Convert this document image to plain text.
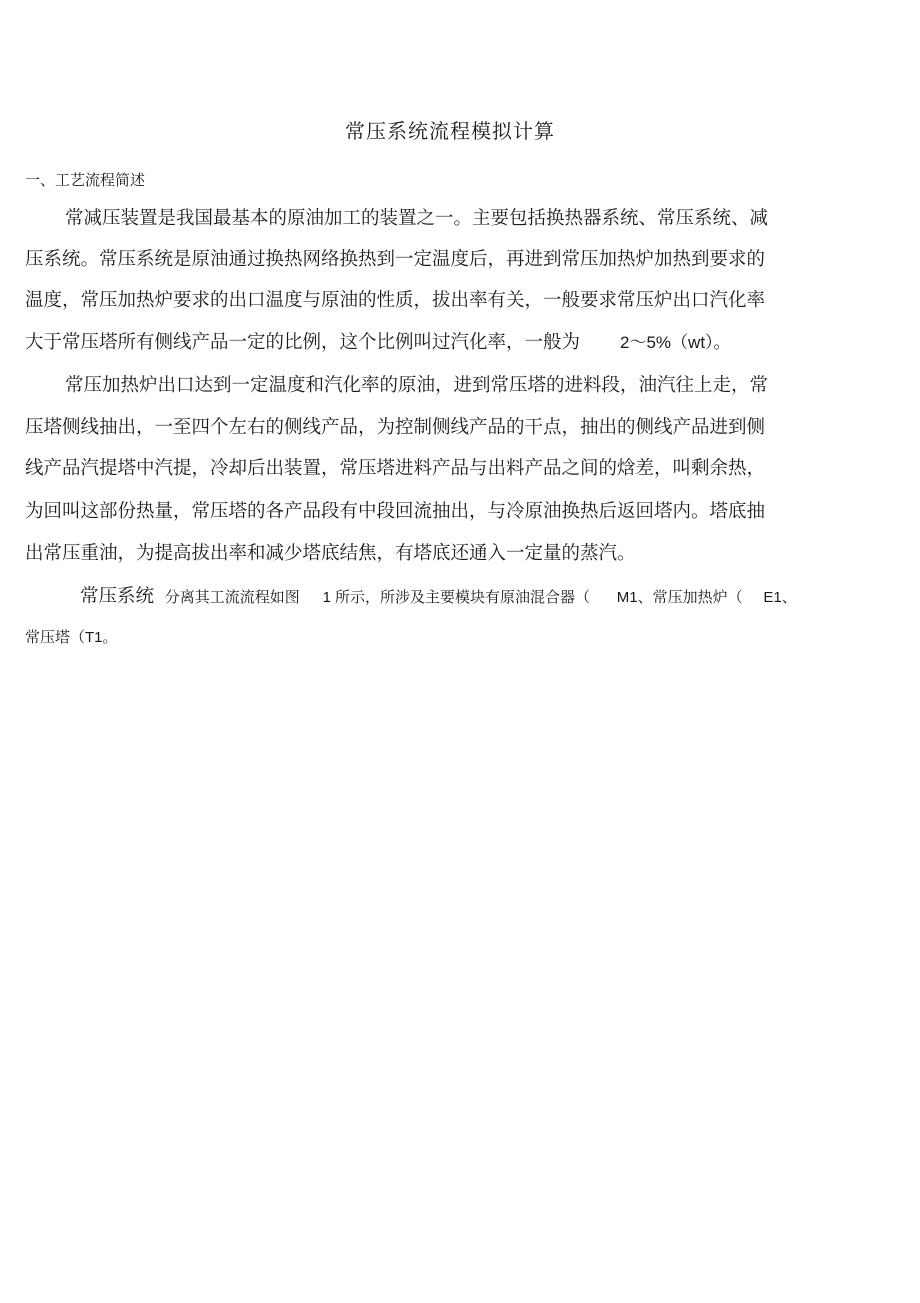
常压系统流程模拟计算
一、工艺流程简述
常减压装置是我国最基本的原油加工的装置之一。主要包括换热器系统、常压系统、减
压系统。常压系统是原油通过换热网络换热到一定温度后，再进到常压加热炉加热到要求的
温度，常压加热炉要求的出口温度与原油的性质，拔出率有关，一般要求常压炉出口汽化率
大于常压塔所有侧线产品一定的比例，这个比例叫过汽化率，一般为 2～5%（wt）。
常压加热炉出口达到一定温度和汽化率的原油，进到常压塔的进料段，油汽往上走，常
压塔侧线抽出，一至四个左右的侧线产品，为控制侧线产品的干点，抽出的侧线产品进到侧
线产品汽提塔中汽提，冷却后出装置，常压塔进料产品与出料产品之间的焓差，叫剩余热，
为回叫这部份热量，常压塔的各产品段有中段回流抽出，与冷原油换热后返回塔内。塔底抽
出常压重油，为提高拔出率和减少塔底结焦，有塔底还通入一定量的蒸汽。
常压系统 分离其工流流程如图 1 所示，所涉及主要模块有原油混合器（ M1、常压加热炉（ E1、
常压塔（T1。
